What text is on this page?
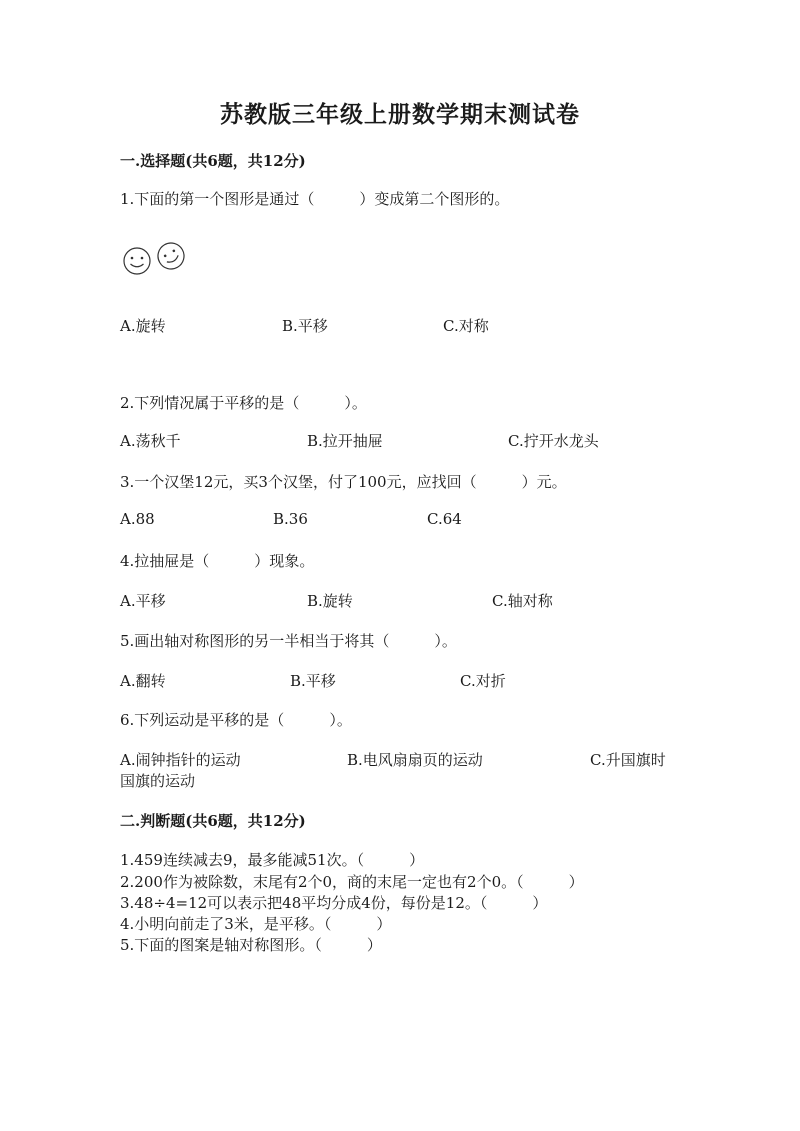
苏教版三年级上册数学期末测试卷
一.选择题(共6题，共12分)
1.下面的第一个图形是通过（　　　）变成第二个图形的。
A.旋转	B.平移	C.对称
2.下列情况属于平移的是（　　　）。
A.荡秋千	B.拉开抽屉	C.拧开水龙头
3.一个汉堡12元，买3个汉堡，付了100元，应找回（　　　）元。
A.88	B.36	C.64
4.拉抽屉是（　　　）现象。
A.平移	B.旋转	C.轴对称
5.画出轴对称图形的另一半相当于将其（　　　）。
A.翻转	B.平移	C.对折
6.下列运动是平移的是（　　　）。
A.闹钟指针的运动	B.电风扇扇页的运动	C.升国旗时
国旗的运动
二.判断题(共6题，共12分)
1.459连续减去9，最多能减51次。（　　　）
2.200作为被除数，末尾有2个0，商的末尾一定也有2个0。（　　　）
3.48÷4=12可以表示把48平均分成4份，每份是12。（　　　）
4.小明向前走了3米，是平移。（　　　）
5.下面的图案是轴对称图形。（　　　）
